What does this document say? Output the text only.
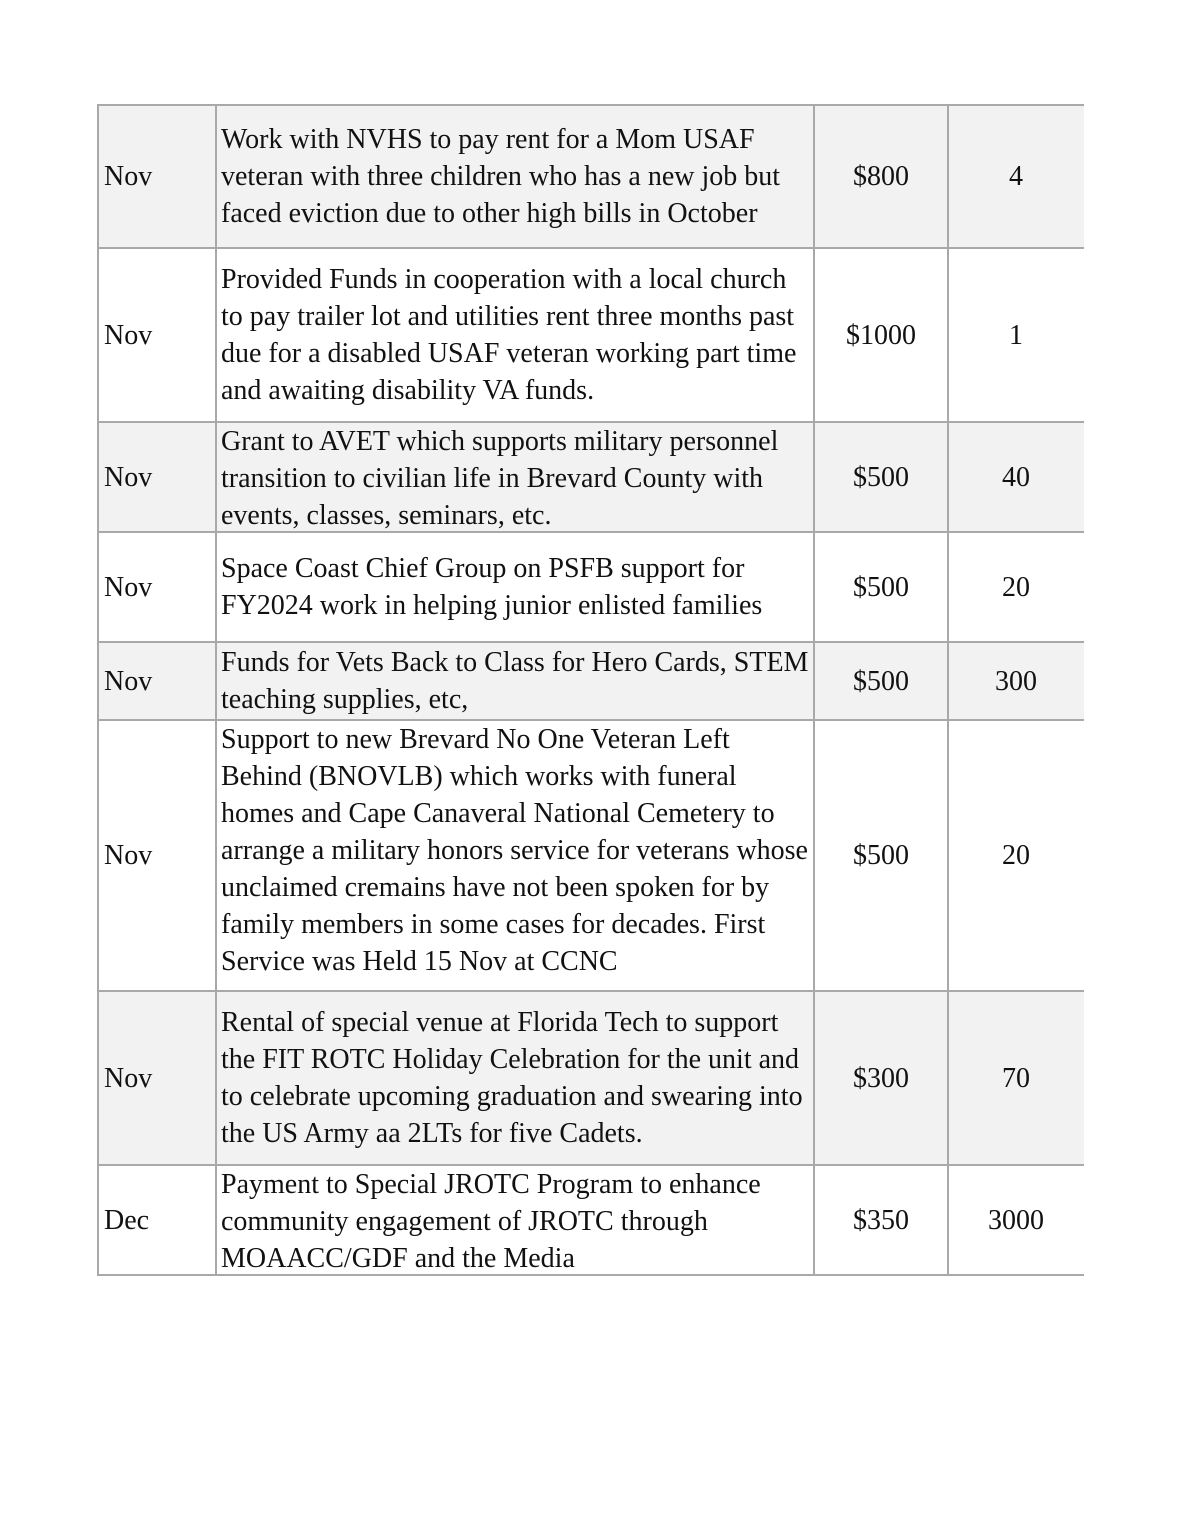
Nov	Work with NVHS to pay rent for a Mom USAF veteran with three children who has a new job but faced eviction due to other high bills in October	$800	4
Nov	Provided Funds in cooperation with a local church to pay trailer lot and utilities rent three months past due for a disabled USAF veteran working part time and awaiting disability VA funds.	$1000	1
Nov	Grant to AVET which supports military personnel transition to civilian life in Brevard County with events, classes, seminars, etc.	$500	40
Nov	Space Coast Chief Group on PSFB support for FY2024 work in helping junior enlisted families	$500	20
Nov	Funds for Vets Back to Class for Hero Cards, STEM teaching supplies, etc,	$500	300
Nov	Support to new Brevard No One Veteran Left Behind (BNOVLB) which works with funeral homes and Cape Canaveral National Cemetery to arrange a military honors service for veterans whose unclaimed cremains have not been spoken for by family members in some cases for decades. First Service was Held 15 Nov at CCNC	$500	20
Nov	Rental of special venue at Florida Tech to support the FIT ROTC Holiday Celebration for the unit and to celebrate upcoming graduation and swearing into the US Army aa 2LTs for five Cadets.	$300	70
Dec	Payment to Special JROTC Program to enhance community engagement of JROTC through MOAACC/GDF and the Media	$350	3000
